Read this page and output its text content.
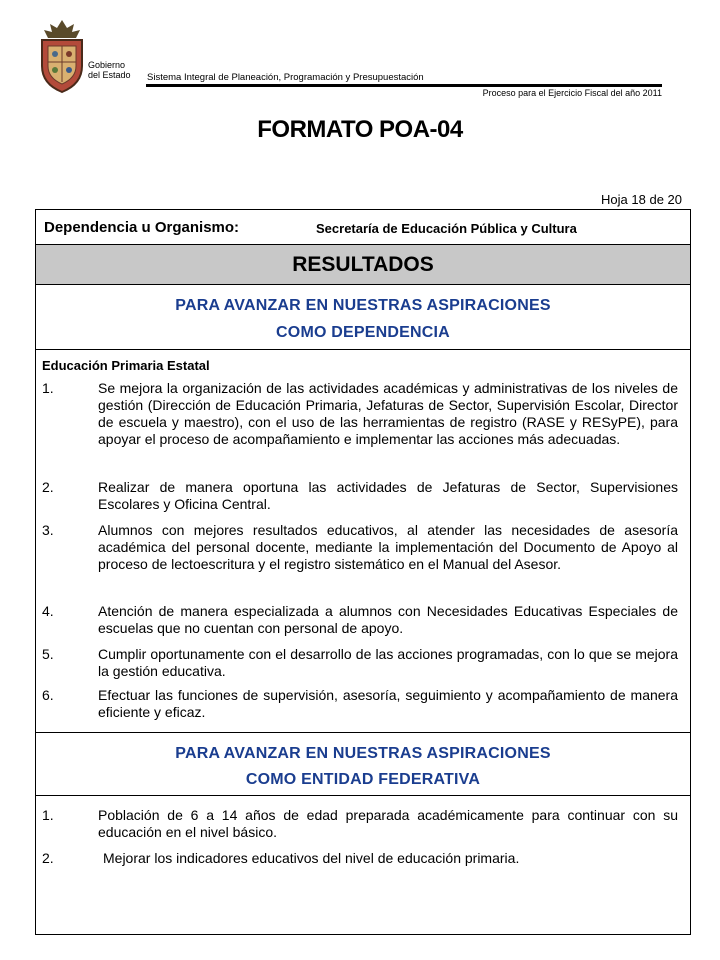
Gobierno
del Estado Sistema Integral de Planeación, Programación y Presupuestación
Proceso para el Ejercicio Fiscal del año 2011
FORMATO POA-04
Hoja 18 de 20
Dependencia u Organismo:	Secretaría de Educación Pública y Cultura
RESULTADOS
PARA AVANZAR EN NUESTRAS ASPIRACIONES
COMO DEPENDENCIA
Educación Primaria Estatal
1.	Se mejora la organización de las actividades académicas y administrativas de los niveles de gestión (Dirección de Educación Primaria, Jefaturas de Sector, Supervisión Escolar, Director de escuela y maestro), con el uso de las herramientas de registro (RASE y RESyPE), para apoyar el proceso de acompañamiento e implementar las acciones más adecuadas.
2.	Realizar de manera oportuna las actividades de Jefaturas de Sector, Supervisiones Escolares y Oficina Central.
3.	Alumnos con mejores resultados educativos, al atender las necesidades de asesoría académica del personal docente, mediante la implementación del Documento de Apoyo al proceso de lectoescritura y el registro sistemático en el Manual del Asesor.
4.	Atención de manera especializada a alumnos con Necesidades Educativas Especiales de escuelas que no cuentan con personal de apoyo.
5.	Cumplir oportunamente con el desarrollo de las acciones programadas, con lo que se mejora la gestión educativa.
6.	Efectuar las funciones de supervisión, asesoría, seguimiento y acompañamiento de manera eficiente y eficaz.
PARA AVANZAR EN NUESTRAS ASPIRACIONES
COMO ENTIDAD FEDERATIVA
1.	Población de 6 a 14 años de edad preparada académicamente para continuar con su educación en el nivel básico.
2.	Mejorar los indicadores educativos del nivel de educación primaria.
